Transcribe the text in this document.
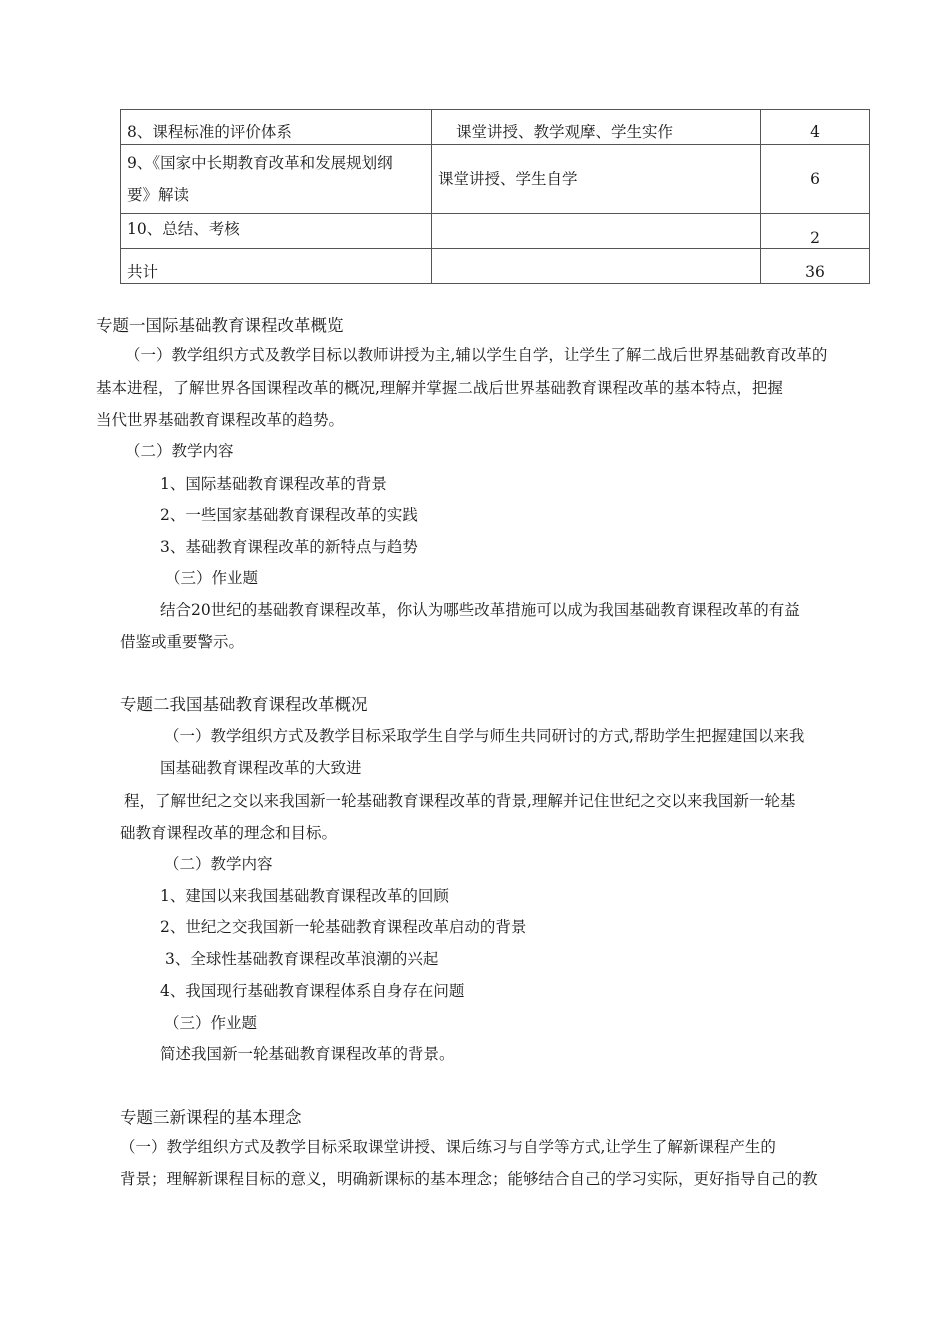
8、课程标准的评价体系	课堂讲授、教学观摩、学生实作	4

9、《国家中长期教育改革和发展规划纲
要》解读	课堂讲授、学生自学	6
10、总结、考核		2
共计		36
专题一国际基础教育课程改革概览
（一）教学组织方式及教学目标以教师讲授为主,辅以学生自学，让学生了解二战后世界基础教育改革的
基本进程，了解世界各国课程改革的概况,理解并掌握二战后世界基础教育课程改革的基本特点，把握
当代世界基础教育课程改革的趋势。
（二）教学内容
1、国际基础教育课程改革的背景
2、一些国家基础教育课程改革的实践
3、基础教育课程改革的新特点与趋势
（三）作业题
结合20世纪的基础教育课程改革，你认为哪些改革措施可以成为我国基础教育课程改革的有益
借鉴或重要警示。
专题二我国基础教育课程改革概况
（一）教学组织方式及教学目标采取学生自学与师生共同研讨的方式,帮助学生把握建国以来我
国基础教育课程改革的大致进
程，了解世纪之交以来我国新一轮基础教育课程改革的背景,理解并记住世纪之交以来我国新一轮基
础教育课程改革的理念和目标。
（二）教学内容
1、建国以来我国基础教育课程改革的回顾
2、世纪之交我国新一轮基础教育课程改革启动的背景
3、全球性基础教育课程改革浪潮的兴起
4、我国现行基础教育课程体系自身存在问题
（三）作业题
简述我国新一轮基础教育课程改革的背景。
专题三新课程的基本理念
（一）教学组织方式及教学目标采取课堂讲授、课后练习与自学等方式,让学生了解新课程产生的
背景；理解新课程目标的意义，明确新课标的基本理念；能够结合自己的学习实际，更好指导自己的教
